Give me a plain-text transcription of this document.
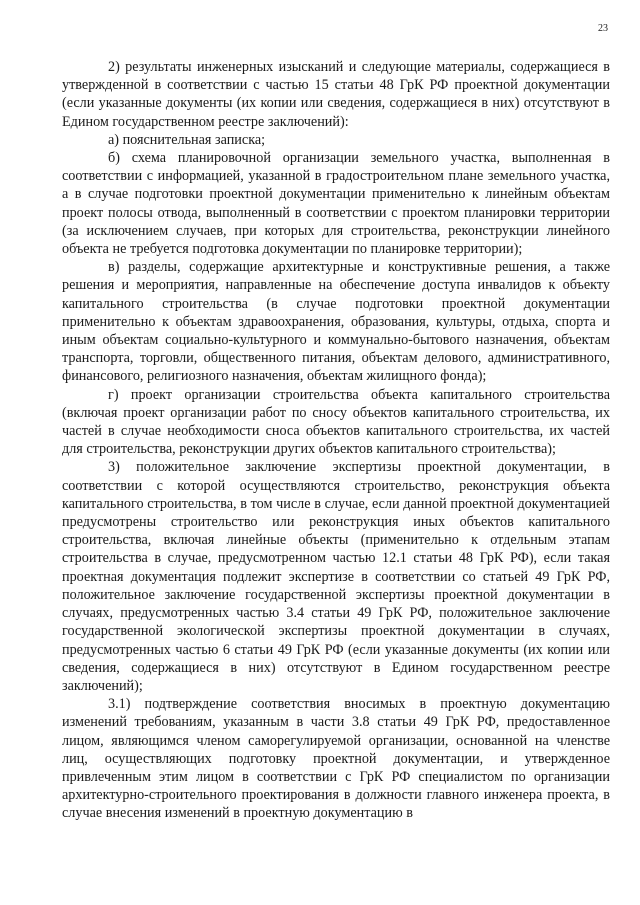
23

2) результаты инженерных изысканий и следующие материалы, содержащиеся в утвержденной в соответствии с частью 15 статьи 48 ГрК РФ проектной документации (если указанные документы (их копии или сведения, содержащиеся в них) отсутствуют в Едином государственном реестре заключений):

а) пояснительная записка;

б) схема планировочной организации земельного участка, выполненная в соответствии с информацией, указанной в градостроительном плане земельного участка, а в случае подготовки проектной документации применительно к линейным объектам проект полосы отвода, выполненный в соответствии с проектом планировки территории (за исключением случаев, при которых для строительства, реконструкции линейного объекта не требуется подготовка документации по планировке территории);

в) разделы, содержащие архитектурные и конструктивные решения, а также решения и мероприятия, направленные на обеспечение доступа инвалидов к объекту капитального строительства (в случае подготовки проектной документации применительно к объектам здравоохранения, образования, культуры, отдыха, спорта и иным объектам социально-культурного и коммунально-бытового назначения, объектам транспорта, торговли, общественного питания, объектам делового, административного, финансового, религиозного назначения, объектам жилищного фонда);

г) проект организации строительства объекта капитального строительства (включая проект организации работ по сносу объектов капитального строительства, их частей в случае необходимости сноса объектов капитального строительства, их частей для строительства, реконструкции других объектов капитального строительства);

3) положительное заключение экспертизы проектной документации, в соответствии с которой осуществляются строительство, реконструкция объекта капитального строительства, в том числе в случае, если данной проектной документацией предусмотрены строительство или реконструкция иных объектов капитального строительства, включая линейные объекты (применительно к отдельным этапам строительства в случае, предусмотренном частью 12.1 статьи 48 ГрК РФ), если такая проектная документация подлежит экспертизе в соответствии со статьей 49 ГрК РФ, положительное заключение государственной экспертизы проектной документации в случаях, предусмотренных частью 3.4 статьи 49 ГрК РФ, положительное заключение государственной экологической экспертизы проектной документации в случаях, предусмотренных частью 6 статьи 49 ГрК РФ (если указанные документы (их копии или сведения, содержащиеся в них) отсутствуют в Едином государственном реестре заключений);

3.1) подтверждение соответствия вносимых в проектную документацию изменений требованиям, указанным в части 3.8 статьи 49 ГрК РФ, предоставленное лицом, являющимся членом саморегулируемой организации, основанной на членстве лиц, осуществляющих подготовку проектной документации, и утвержденное привлеченным этим лицом в соответствии с ГрК РФ специалистом по организации архитектурно-строительного проектирования в должности главного инженера проекта, в случае внесения изменений в проектную документацию в
